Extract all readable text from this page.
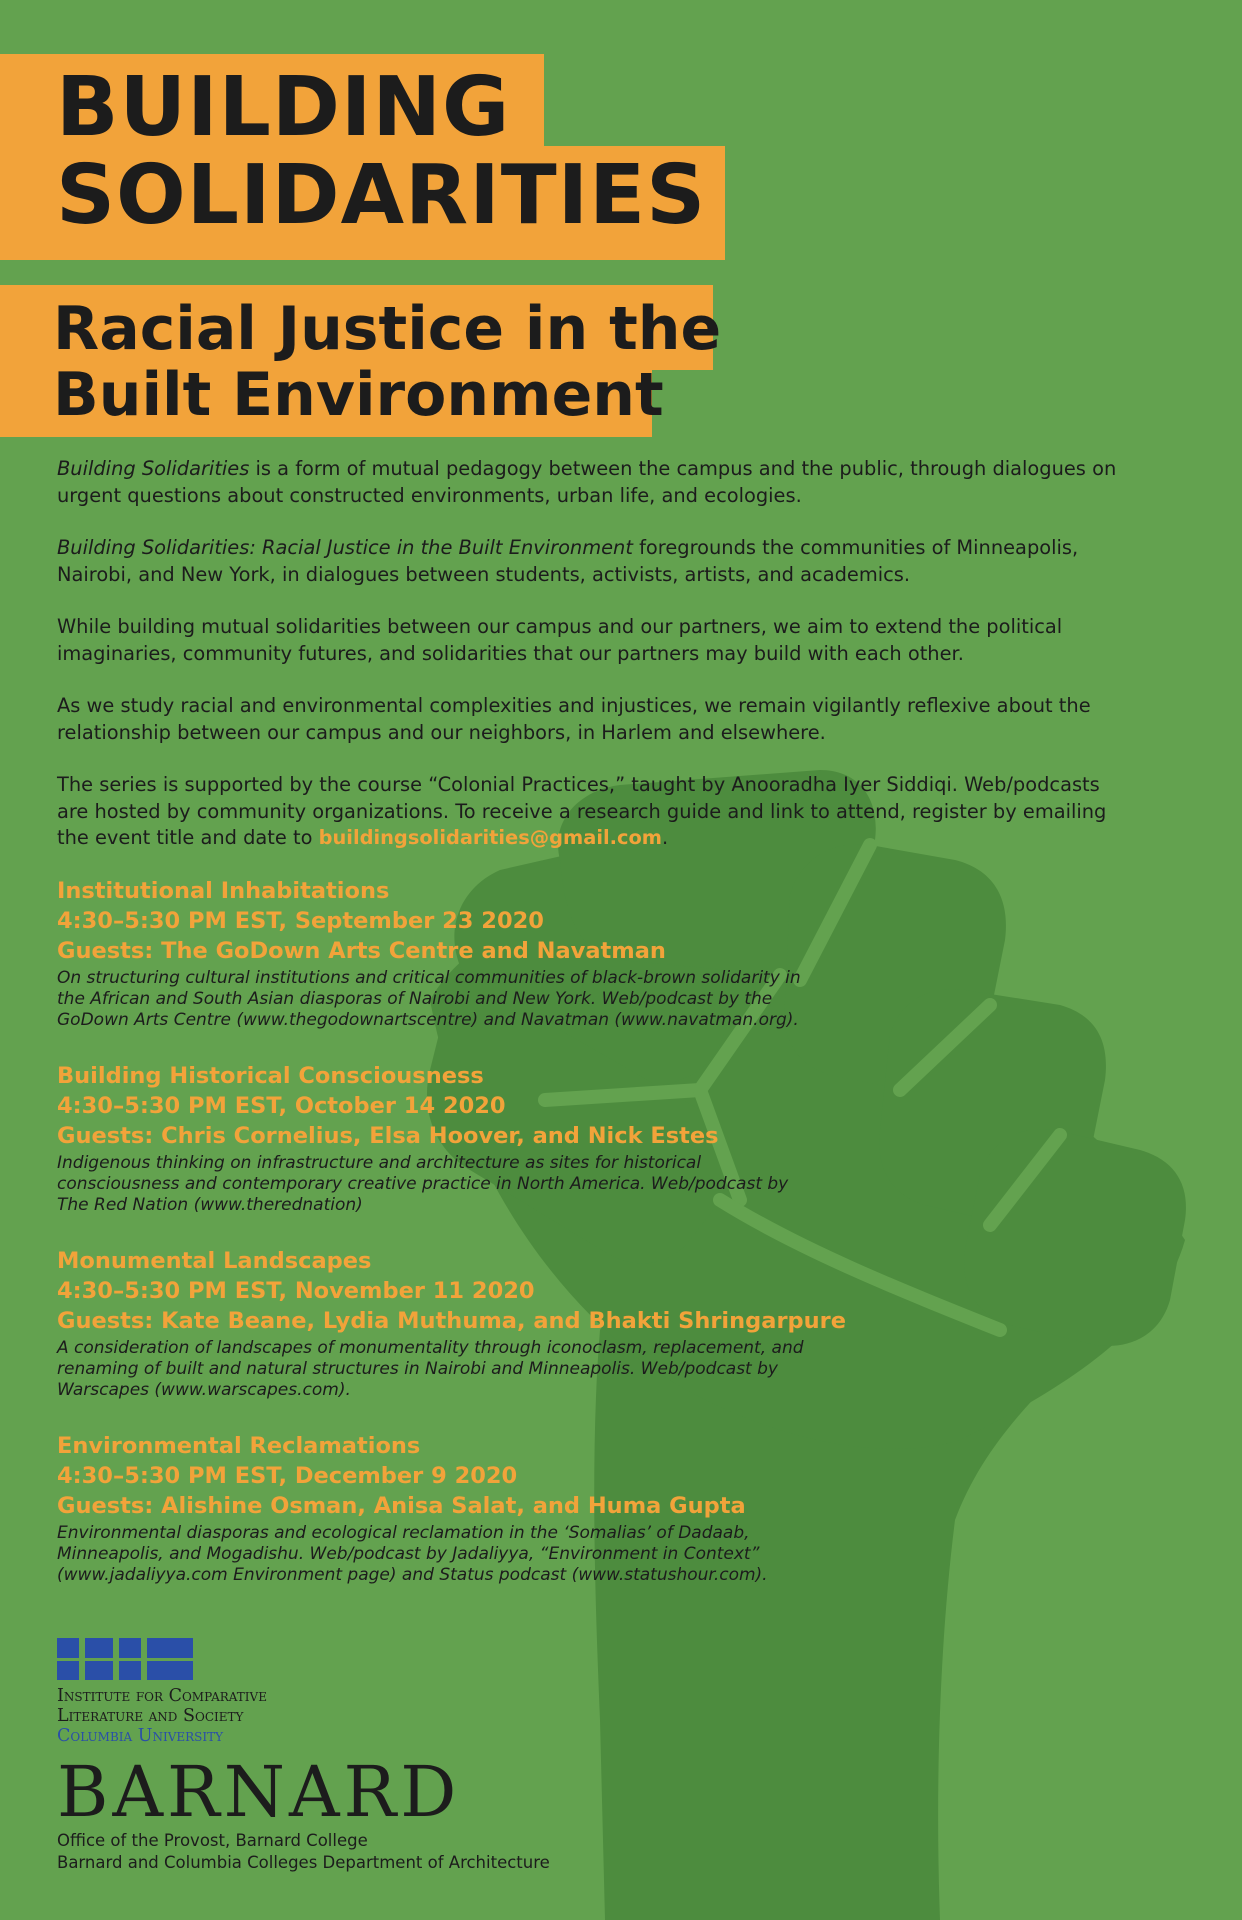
BUILDING
SOLIDARITIES
Racial Justice in the
Built Environment

Building Solidarities is a form of mutual pedagogy between the campus and the public, through dialogues on urgent questions about constructed environments, urban life, and ecologies.

Building Solidarities: Racial Justice in the Built Environment foregrounds the communities of Minneapolis, Nairobi, and New York, in dialogues between students, activists, artists, and academics.

While building mutual solidarities between our campus and our partners, we aim to extend the political imaginaries, community futures, and solidarities that our partners may build with each other.

As we study racial and environmental complexities and injustices, we remain vigilantly reflexive about the relationship between our campus and our neighbors, in Harlem and elsewhere.

The series is supported by the course “Colonial Practices,” taught by Anooradha Iyer Siddiqi. Web/podcasts are hosted by community organizations. To receive a research guide and link to attend, register by emailing the event title and date to buildingsolidarities@gmail.com.

Institutional Inhabitations

4:30–5:30 PM EST, September 23 2020

Guests: The GoDown Arts Centre and Navatman

On structuring cultural institutions and critical communities of black-brown solidarity in the African and South Asian diasporas of Nairobi and New York. Web/podcast by the GoDown Arts Centre (www.thegodownartscentre) and Navatman (www.navatman.org).

Building Historical Consciousness

4:30–5:30 PM EST, October 14 2020

Guests: Chris Cornelius, Elsa Hoover, and Nick Estes

Indigenous thinking on infrastructure and architecture as sites for historical consciousness and contemporary creative practice in North America. Web/podcast by The Red Nation (www.therednation)

Monumental Landscapes

4:30–5:30 PM EST, November 11 2020

Guests: Kate Beane, Lydia Muthuma, and Bhakti Shringarpure

A consideration of landscapes of monumentality through iconoclasm, replacement, and renaming of built and natural structures in Nairobi and Minneapolis. Web/podcast by Warscapes (www.warscapes.com).

Environmental Reclamations

4:30–5:30 PM EST, December 9 2020

Guests: Alishine Osman, Anisa Salat, and Huma Gupta

Environmental diasporas and ecological reclamation in the ‘Somalias’ of Dadaab, Minneapolis, and Mogadishu. Web/podcast by Jadaliyya, “Environment in Context” (www.jadaliyya.com Environment page) and Status podcast (www.statushour.com).

Institute for Comparative
Literature and Society
Columbia University
BARNARD
Office of the Provost, Barnard College
Barnard and Columbia Colleges Department of Architecture
